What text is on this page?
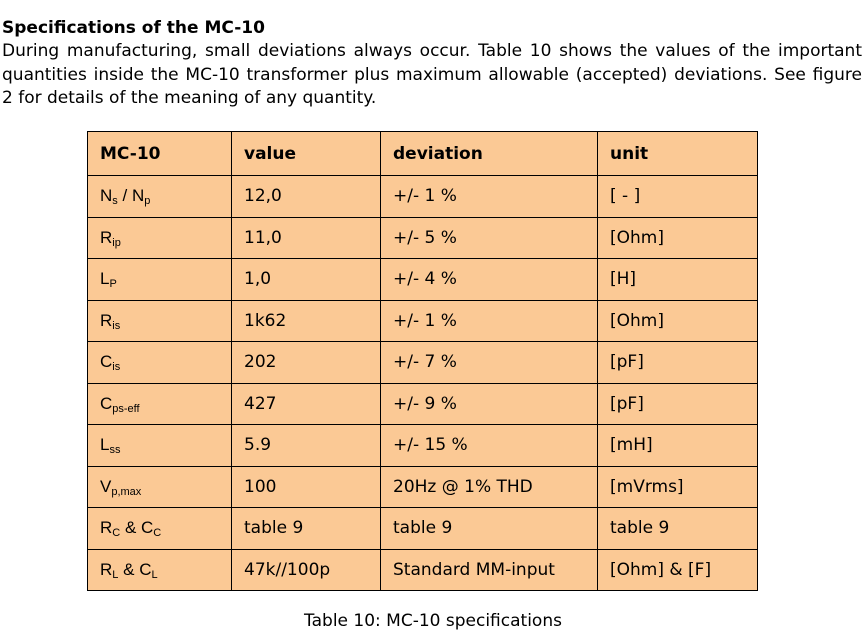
Specifications of the MC-10
During manufacturing, small deviations always occur. Table 10 shows the values of the important quantities inside the MC-10 transformer plus maximum allowable (accepted) deviations. See figure 2 for details of the meaning of any quantity.
MC-10	value	deviation	unit
$N_s / N_p$	12,0	+/- 1 %	[ - ]
$R_{ip}$	11,0	+/- 5 %	[Ohm]
$L_P$	1,0	+/- 4 %	[H]
$R_{is}$	1k62	+/- 1 %	[Ohm]
$C_{is}$	202	+/- 7 %	[pF]
$C_{ps-eff}$	427	+/- 9 %	[pF]
$L_{ss}$	5.9	+/- 15 %	[mH]
$V_{p,max}$	100	20Hz @ 1% THD	[mVrms]
$R_C$ & $C_C$	table 9	table 9	table 9
$R_L$ & $C_L$	47k//100p	Standard MM-input	[Ohm] & [F]
Table 10: MC-10 specifications
